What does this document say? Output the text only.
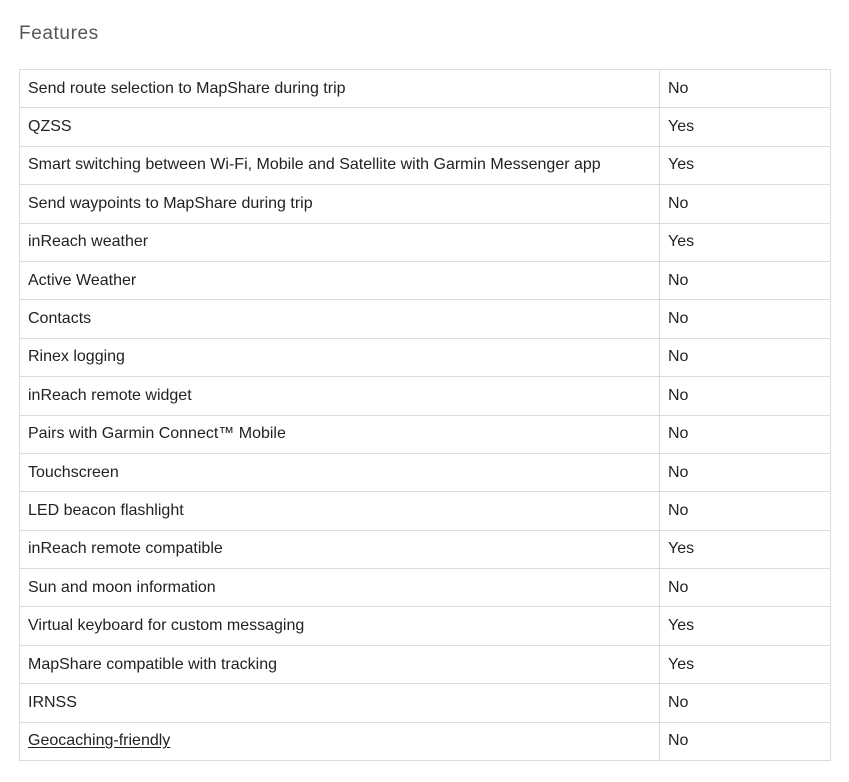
Features
Send route selection to MapShare during trip	No
QZSS	Yes
Smart switching between Wi-Fi, Mobile and Satellite with Garmin Messenger app	Yes
Send waypoints to MapShare during trip	No
inReach weather	Yes
Active Weather	No
Contacts	No
Rinex logging	No
inReach remote widget	No
Pairs with Garmin Connect™ Mobile	No
Touchscreen	No
LED beacon flashlight	No
inReach remote compatible	Yes
Sun and moon information	No
Virtual keyboard for custom messaging	Yes
MapShare compatible with tracking	Yes
IRNSS	No
Geocaching-friendly	No
